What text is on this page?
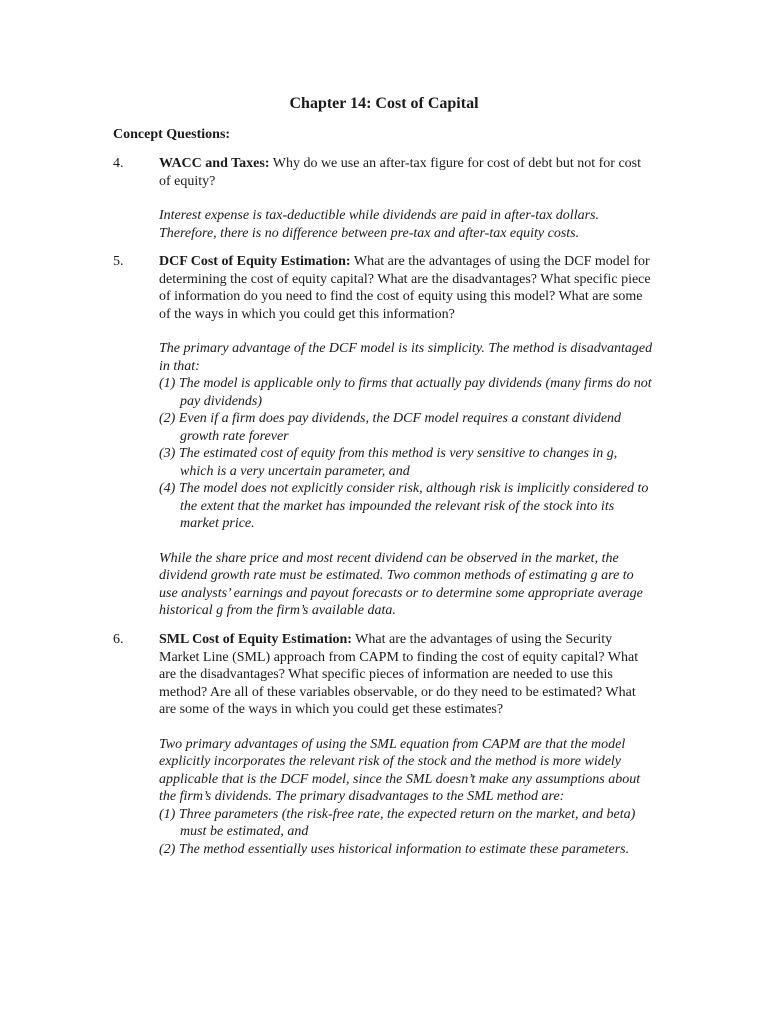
Chapter 14: Cost of Capital
Concept Questions:
4.	WACC and Taxes: Why do we use an after-tax figure for cost of debt but not for cost of equity?

Interest expense is tax-deductible while dividends are paid in after-tax dollars. Therefore, there is no difference between pre-tax and after-tax equity costs.

5.	DCF Cost of Equity Estimation: What are the advantages of using the DCF model for determining the cost of equity capital? What are the disadvantages? What specific piece of information do you need to find the cost of equity using this model? What are some of the ways in which you could get this information?

The primary advantage of the DCF model is its simplicity. The method is disadvantaged in that:

(1) The model is applicable only to firms that actually pay dividends (many firms do not pay dividends)
(2) Even if a firm does pay dividends, the DCF model requires a constant dividend growth rate forever
(3) The estimated cost of equity from this method is very sensitive to changes in g, which is a very uncertain parameter, and
(4) The model does not explicitly consider risk, although risk is implicitly considered to the extent that the market has impounded the relevant risk of the stock into its market price.

While the share price and most recent dividend can be observed in the market, the dividend growth rate must be estimated. Two common methods of estimating g are to use analysts’ earnings and payout forecasts or to determine some appropriate average historical g from the firm’s available data.

6.	SML Cost of Equity Estimation: What are the advantages of using the Security Market Line (SML) approach from CAPM to finding the cost of equity capital? What are the disadvantages? What specific pieces of information are needed to use this method? Are all of these variables observable, or do they need to be estimated? What are some of the ways in which you could get these estimates?

Two primary advantages of using the SML equation from CAPM are that the model explicitly incorporates the relevant risk of the stock and the method is more widely applicable that is the DCF model, since the SML doesn’t make any assumptions about the firm’s dividends. The primary disadvantages to the SML method are:

(1) Three parameters (the risk-free rate, the expected return on the market, and beta) must be estimated, and
(2) The method essentially uses historical information to estimate these parameters.
